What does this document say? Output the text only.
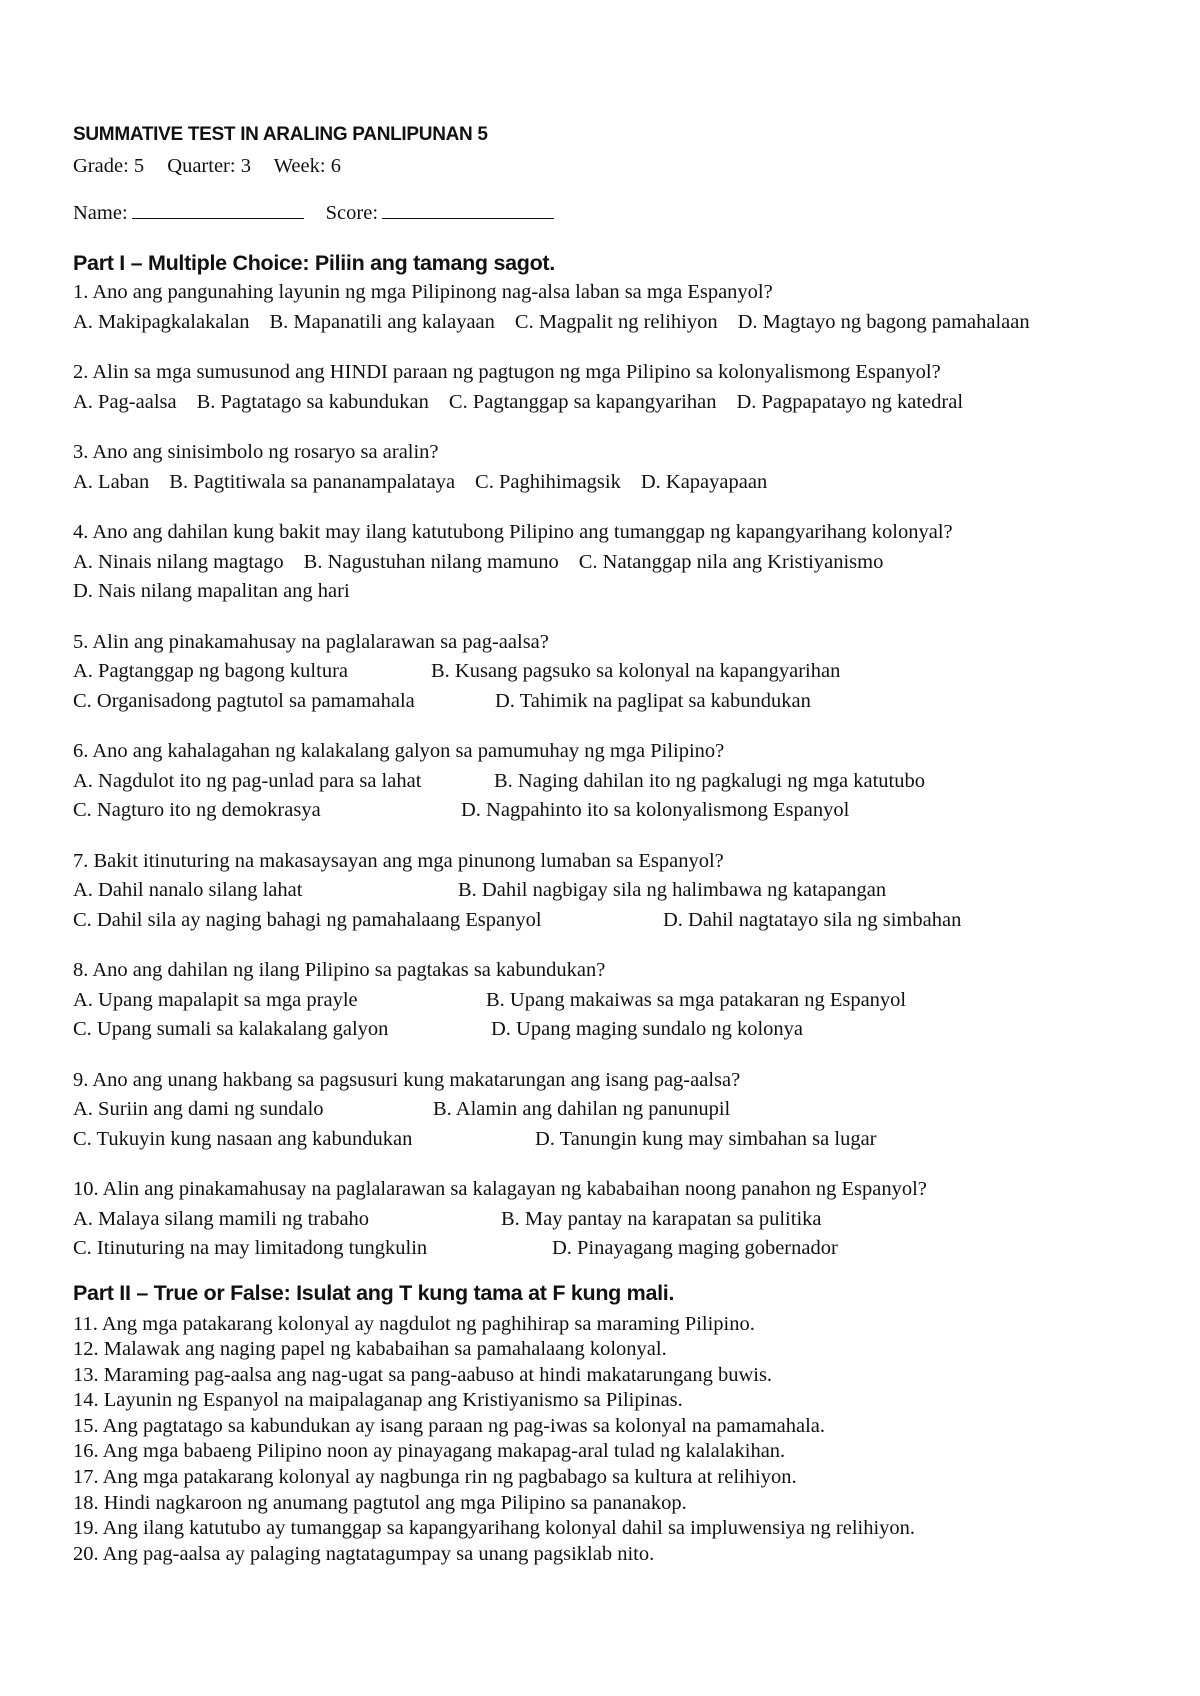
SUMMATIVE TEST IN ARALING PANLIPUNAN 5
Grade: 5 Quarter: 3 Week: 6
Name:	Score:
Part I – Multiple Choice: Piliin ang tamang sagot.
1. Ano ang pangunahing layunin ng mga Pilipinong nag-alsa laban sa mga Espanyol?
A. Makipagkalakalan B. Mapanatili ang kalayaan C. Magpalit ng relihiyon D. Magtayo ng bagong pamahalaan
2. Alin sa mga sumusunod ang HINDI paraan ng pagtugon ng mga Pilipino sa kolonyalismong Espanyol?
A. Pag-aalsa B. Pagtatago sa kabundukan C. Pagtanggap sa kapangyarihan D. Pagpapatayo ng katedral
3. Ano ang sinisimbolo ng rosaryo sa aralin?
A. Laban B. Pagtitiwala sa pananampalataya C. Paghihimagsik D. Kapayapaan
4. Ano ang dahilan kung bakit may ilang katutubong Pilipino ang tumanggap ng kapangyarihang kolonyal?
A. Ninais nilang magtago B. Nagustuhan nilang mamuno C. Natanggap nila ang Kristiyanismo
D. Nais nilang mapalitan ang hari
5. Alin ang pinakamahusay na paglalarawan sa pag-aalsa?
A. Pagtanggap ng bagong kultura	B. Kusang pagsuko sa kolonyal na kapangyarihan
C. Organisadong pagtutol sa pamamahala	D. Tahimik na paglipat sa kabundukan
6. Ano ang kahalagahan ng kalakalang galyon sa pamumuhay ng mga Pilipino?
A. Nagdulot ito ng pag-unlad para sa lahat	B. Naging dahilan ito ng pagkalugi ng mga katutubo
C. Nagturo ito ng demokrasya	D. Nagpahinto ito sa kolonyalismong Espanyol
7. Bakit itinuturing na makasaysayan ang mga pinunong lumaban sa Espanyol?
A. Dahil nanalo silang lahat	B. Dahil nagbigay sila ng halimbawa ng katapangan
C. Dahil sila ay naging bahagi ng pamahalaang Espanyol	D. Dahil nagtatayo sila ng simbahan
8. Ano ang dahilan ng ilang Pilipino sa pagtakas sa kabundukan?
A. Upang mapalapit sa mga prayle	B. Upang makaiwas sa mga patakaran ng Espanyol
C. Upang sumali sa kalakalang galyon	D. Upang maging sundalo ng kolonya
9. Ano ang unang hakbang sa pagsusuri kung makatarungan ang isang pag-aalsa?
A. Suriin ang dami ng sundalo	B. Alamin ang dahilan ng panunupil
C. Tukuyin kung nasaan ang kabundukan	D. Tanungin kung may simbahan sa lugar
10. Alin ang pinakamahusay na paglalarawan sa kalagayan ng kababaihan noong panahon ng Espanyol?
A. Malaya silang mamili ng trabaho	B. May pantay na karapatan sa pulitika
C. Itinuturing na may limitadong tungkulin	D. Pinayagang maging gobernador
Part II – True or False: Isulat ang T kung tama at F kung mali.
11. Ang mga patakarang kolonyal ay nagdulot ng paghihirap sa maraming Pilipino.
12. Malawak ang naging papel ng kababaihan sa pamahalaang kolonyal.
13. Maraming pag-aalsa ang nag-ugat sa pang-aabuso at hindi makatarungang buwis.
14. Layunin ng Espanyol na maipalaganap ang Kristiyanismo sa Pilipinas.
15. Ang pagtatago sa kabundukan ay isang paraan ng pag-iwas sa kolonyal na pamamahala.
16. Ang mga babaeng Pilipino noon ay pinayagang makapag-aral tulad ng kalalakihan.
17. Ang mga patakarang kolonyal ay nagbunga rin ng pagbabago sa kultura at relihiyon.
18. Hindi nagkaroon ng anumang pagtutol ang mga Pilipino sa pananakop.
19. Ang ilang katutubo ay tumanggap sa kapangyarihang kolonyal dahil sa impluwensiya ng relihiyon.
20. Ang pag-aalsa ay palaging nagtatagumpay sa unang pagsiklab nito.
